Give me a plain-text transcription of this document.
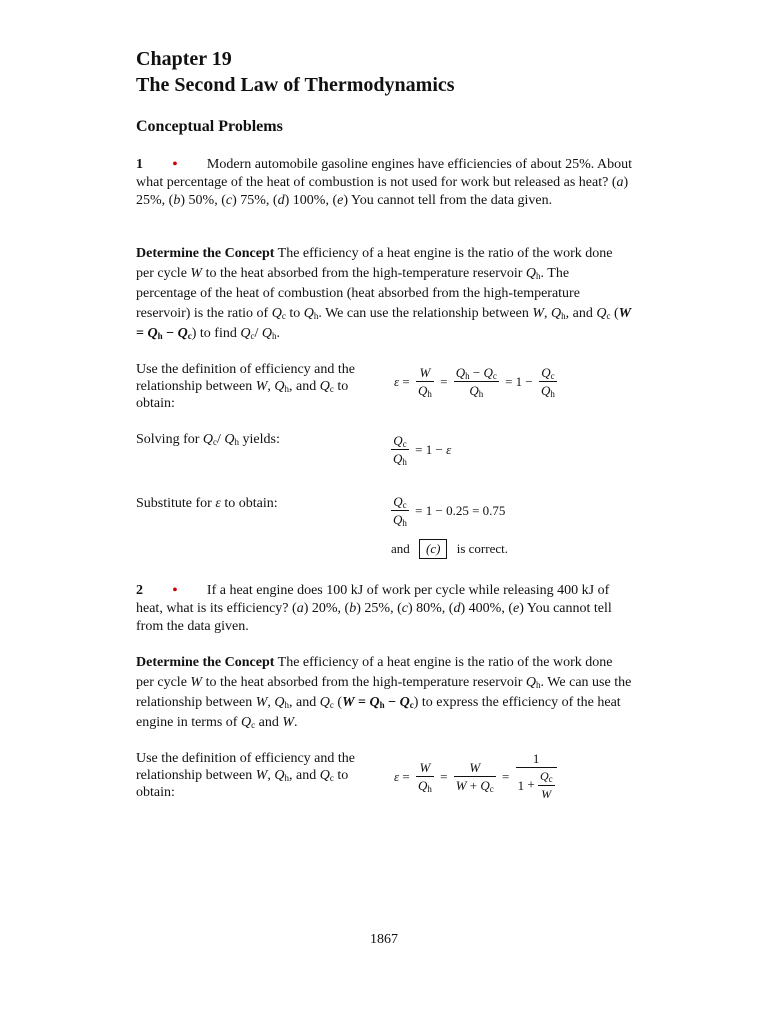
Chapter 19
The Second Law of Thermodynamics
Conceptual Problems
1 • Modern automobile gasoline engines have efficiencies of about 25%. About what percentage of the heat of combustion is not used for work but released as heat? (a) 25%, (b) 50%, (c) 75%, (d) 100%, (e) You cannot tell from the data given.
Determine the Concept The efficiency of a heat engine is the ratio of the work done per cycle W to the heat absorbed from the high-temperature reservoir $Q_h$. The percentage of the heat of combustion (heat absorbed from the high-temperature reservoir) is the ratio of $Q_c$ to $Q_h$. We can use the relationship between W, $Q_h$, and $Q_c$ $(W = Q_h - Q_c)$ to find $Q_c/$ $Q_h$.
Use the definition of efficiency and the relationship between W, $Q_h$, and $Q_c$ to obtain:
$\varepsilon = \frac{W}{Q_h} = \frac{Q_h - Q_c}{Q_h} = 1 - \frac{Q_c}{Q_h}$
Solving for $Q_c/$ $Q_h$ yields:	$\frac{Q_c}{Q_h} = 1 - \varepsilon$
Substitute for ε to obtain:	$\frac{Q_c}{Q_h} = 1 - 0.25 = 0.75$
and (c) is correct.
2 • If a heat engine does 100 kJ of work per cycle while releasing 400 kJ of heat, what is its efficiency? (a) 20%, (b) 25%, (c) 80%, (d) 400%, (e) You cannot tell from the data given.
Determine the Concept The efficiency of a heat engine is the ratio of the work done per cycle W to the heat absorbed from the high-temperature reservoir $Q_h$. We can use the relationship between W, $Q_h$, and $Q_c$ $(W = Q_h - Q_c)$ to express the efficiency of the heat engine in terms of $Q_c$ and W.
Use the definition of efficiency and the relationship between W, $Q_h$, and $Q_c$ to obtain:
$\varepsilon = \frac{W}{Q_h} = \frac{W}{W + Q_c} = \frac{1}{1 + \frac{Q_c}{W}}$
1867
